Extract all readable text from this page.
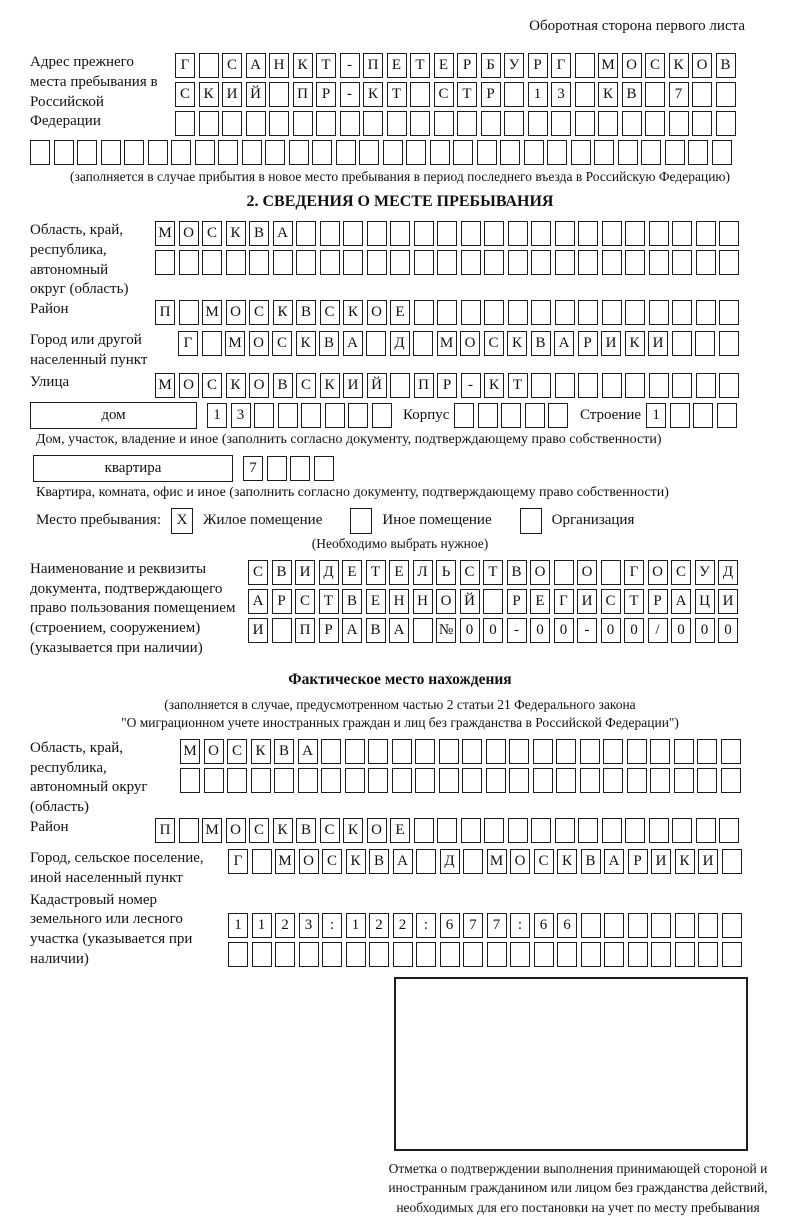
Оборотная сторона первого листа
Адрес прежнего места пребывания в Российской Федерации
Г	С А Н К Т	-	П Е Т Е Р	Б У Р Г	М О С К О В
С К И Й	П Р	-	К Т	С Т Р	1	3	К В	7
(заполняется в случае прибытия в новое место пребывания в период последнего въезда в Российскую Федерацию)
2. СВЕДЕНИЯ О МЕСТЕ ПРЕБЫВАНИЯ
Область, край, республика, автономный округ (область)
М О С К В А
Район	П	М О С К В С К О Е
Город или другой населенный пункт
Г	М О С К В А	Д	М О С К В А Р И К И
Улица	М О С К О В С К И Й	П Р	-	К Т
дом	1	3	Корпус	Строение 1
Дом, участок, владение и иное (заполнить согласно документу, подтверждающему право собственности)
квартира	7
Квартира, комната, офис и иное (заполнить согласно документу, подтверждающему право собственности)
Место пребывания:	X	Жилое помещение	Иное помещение	Организация
(Необходимо выбрать нужное)
Наименование и реквизиты документа, подтверждающего право пользования помещением (строением, сооружением) (указывается при наличии)
С В И Д Е Т Е Л Ь С Т В О	О	Г О С У Д
А Р С Т В Е Н Н О Й	Р Е Г И С Т Р А Ц И
И	П Р А В А	№ 0	0	-	0	0	-	0	0	/	0	0	0
Фактическое место нахождения
(заполняется в случае, предусмотренном частью 2 статьи 21 Федерального закона
"О миграционном учете иностранных граждан и лиц без гражданства в Российской Федерации")
Область, край, республика, автономный округ (область)
М О С К В А
Район	П	М О С К В С К О Е
Город, сельское поселение, иной населенный пункт
Г	М О С К В А	Д	М О С К В А Р И К И
Кадастровый номер земельного или лесного участка (указывается при наличии)
1	1	2	3	:	1	2	2	:	6	7	7	:	6	6
Отметка о подтверждении выполнения принимающей стороной и иностранным гражданином или лицом без гражданства действий, необходимых для его постановки на учет по месту пребывания
